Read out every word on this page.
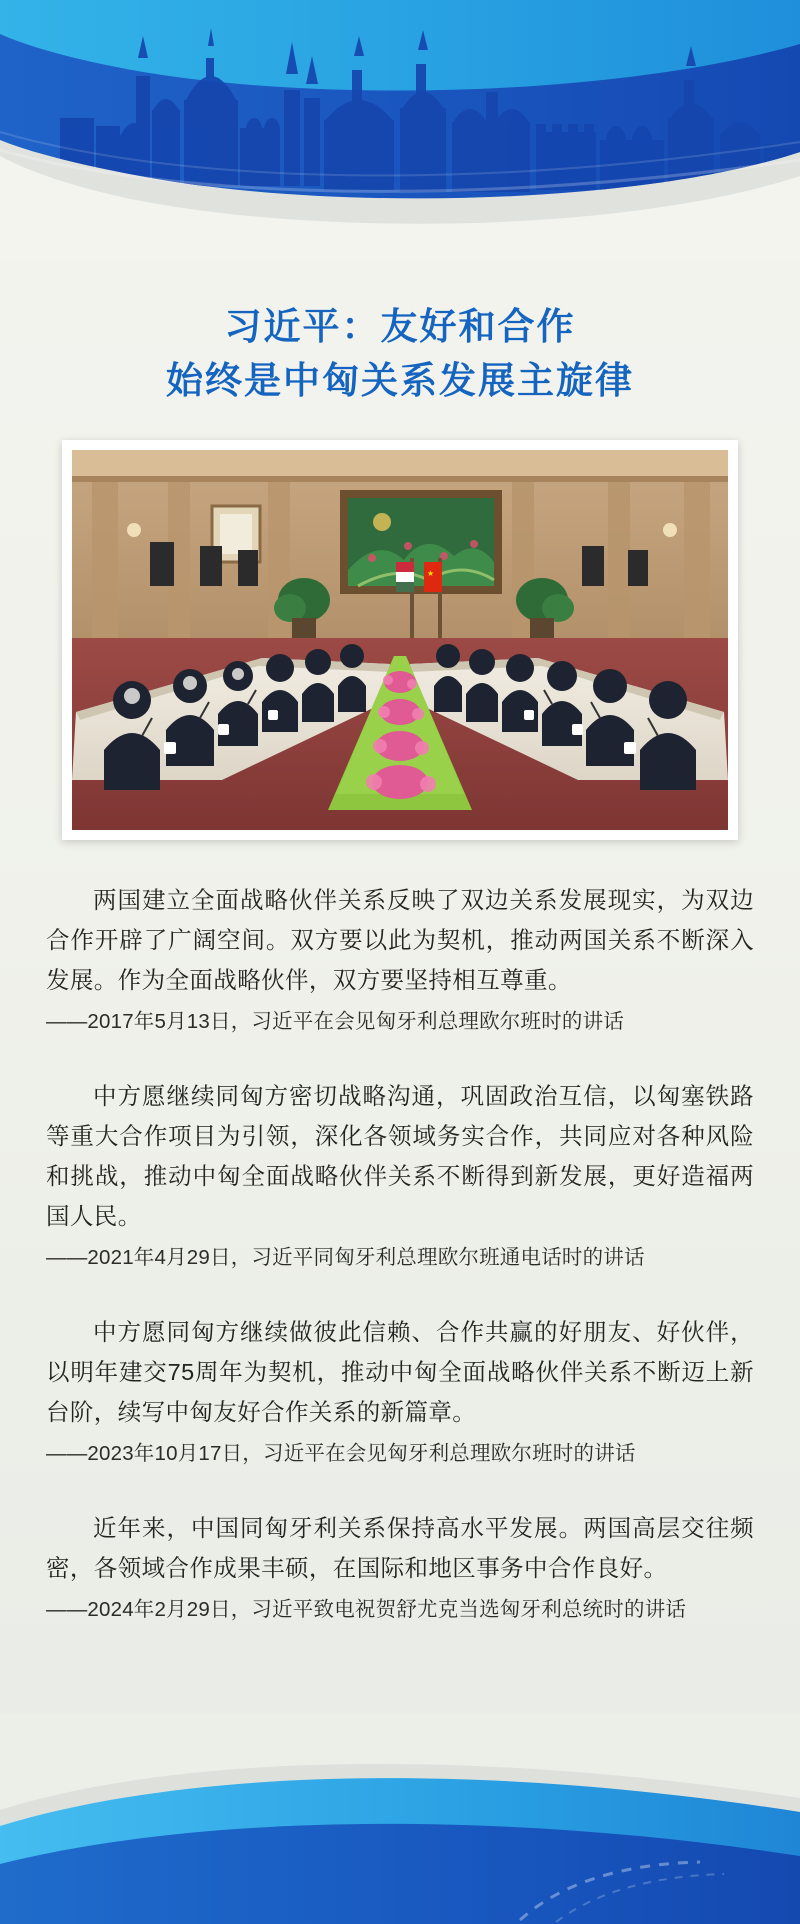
习近平：友好和合作
始终是中匈关系发展主旋律
★
两国建立全面战略伙伴关系反映了双边关系发展现实，为双边合作开辟了广阔空间。双方要以此为契机，推动两国关系不断深入发展。作为全面战略伙伴，双方要坚持相互尊重。
——2017年5月13日，习近平在会见匈牙利总理欧尔班时的讲话
中方愿继续同匈方密切战略沟通，巩固政治互信，以匈塞铁路等重大合作项目为引领，深化各领域务实合作，共同应对各种风险和挑战，推动中匈全面战略伙伴关系不断得到新发展，更好造福两国人民。
——2021年4月29日，习近平同匈牙利总理欧尔班通电话时的讲话
中方愿同匈方继续做彼此信赖、合作共赢的好朋友、好伙伴，以明年建交75周年为契机，推动中匈全面战略伙伴关系不断迈上新台阶，续写中匈友好合作关系的新篇章。
——2023年10月17日，习近平在会见匈牙利总理欧尔班时的讲话
近年来，中国同匈牙利关系保持高水平发展。两国高层交往频密，各领域合作成果丰硕，在国际和地区事务中合作良好。
——2024年2月29日，习近平致电祝贺舒尤克当选匈牙利总统时的讲话
